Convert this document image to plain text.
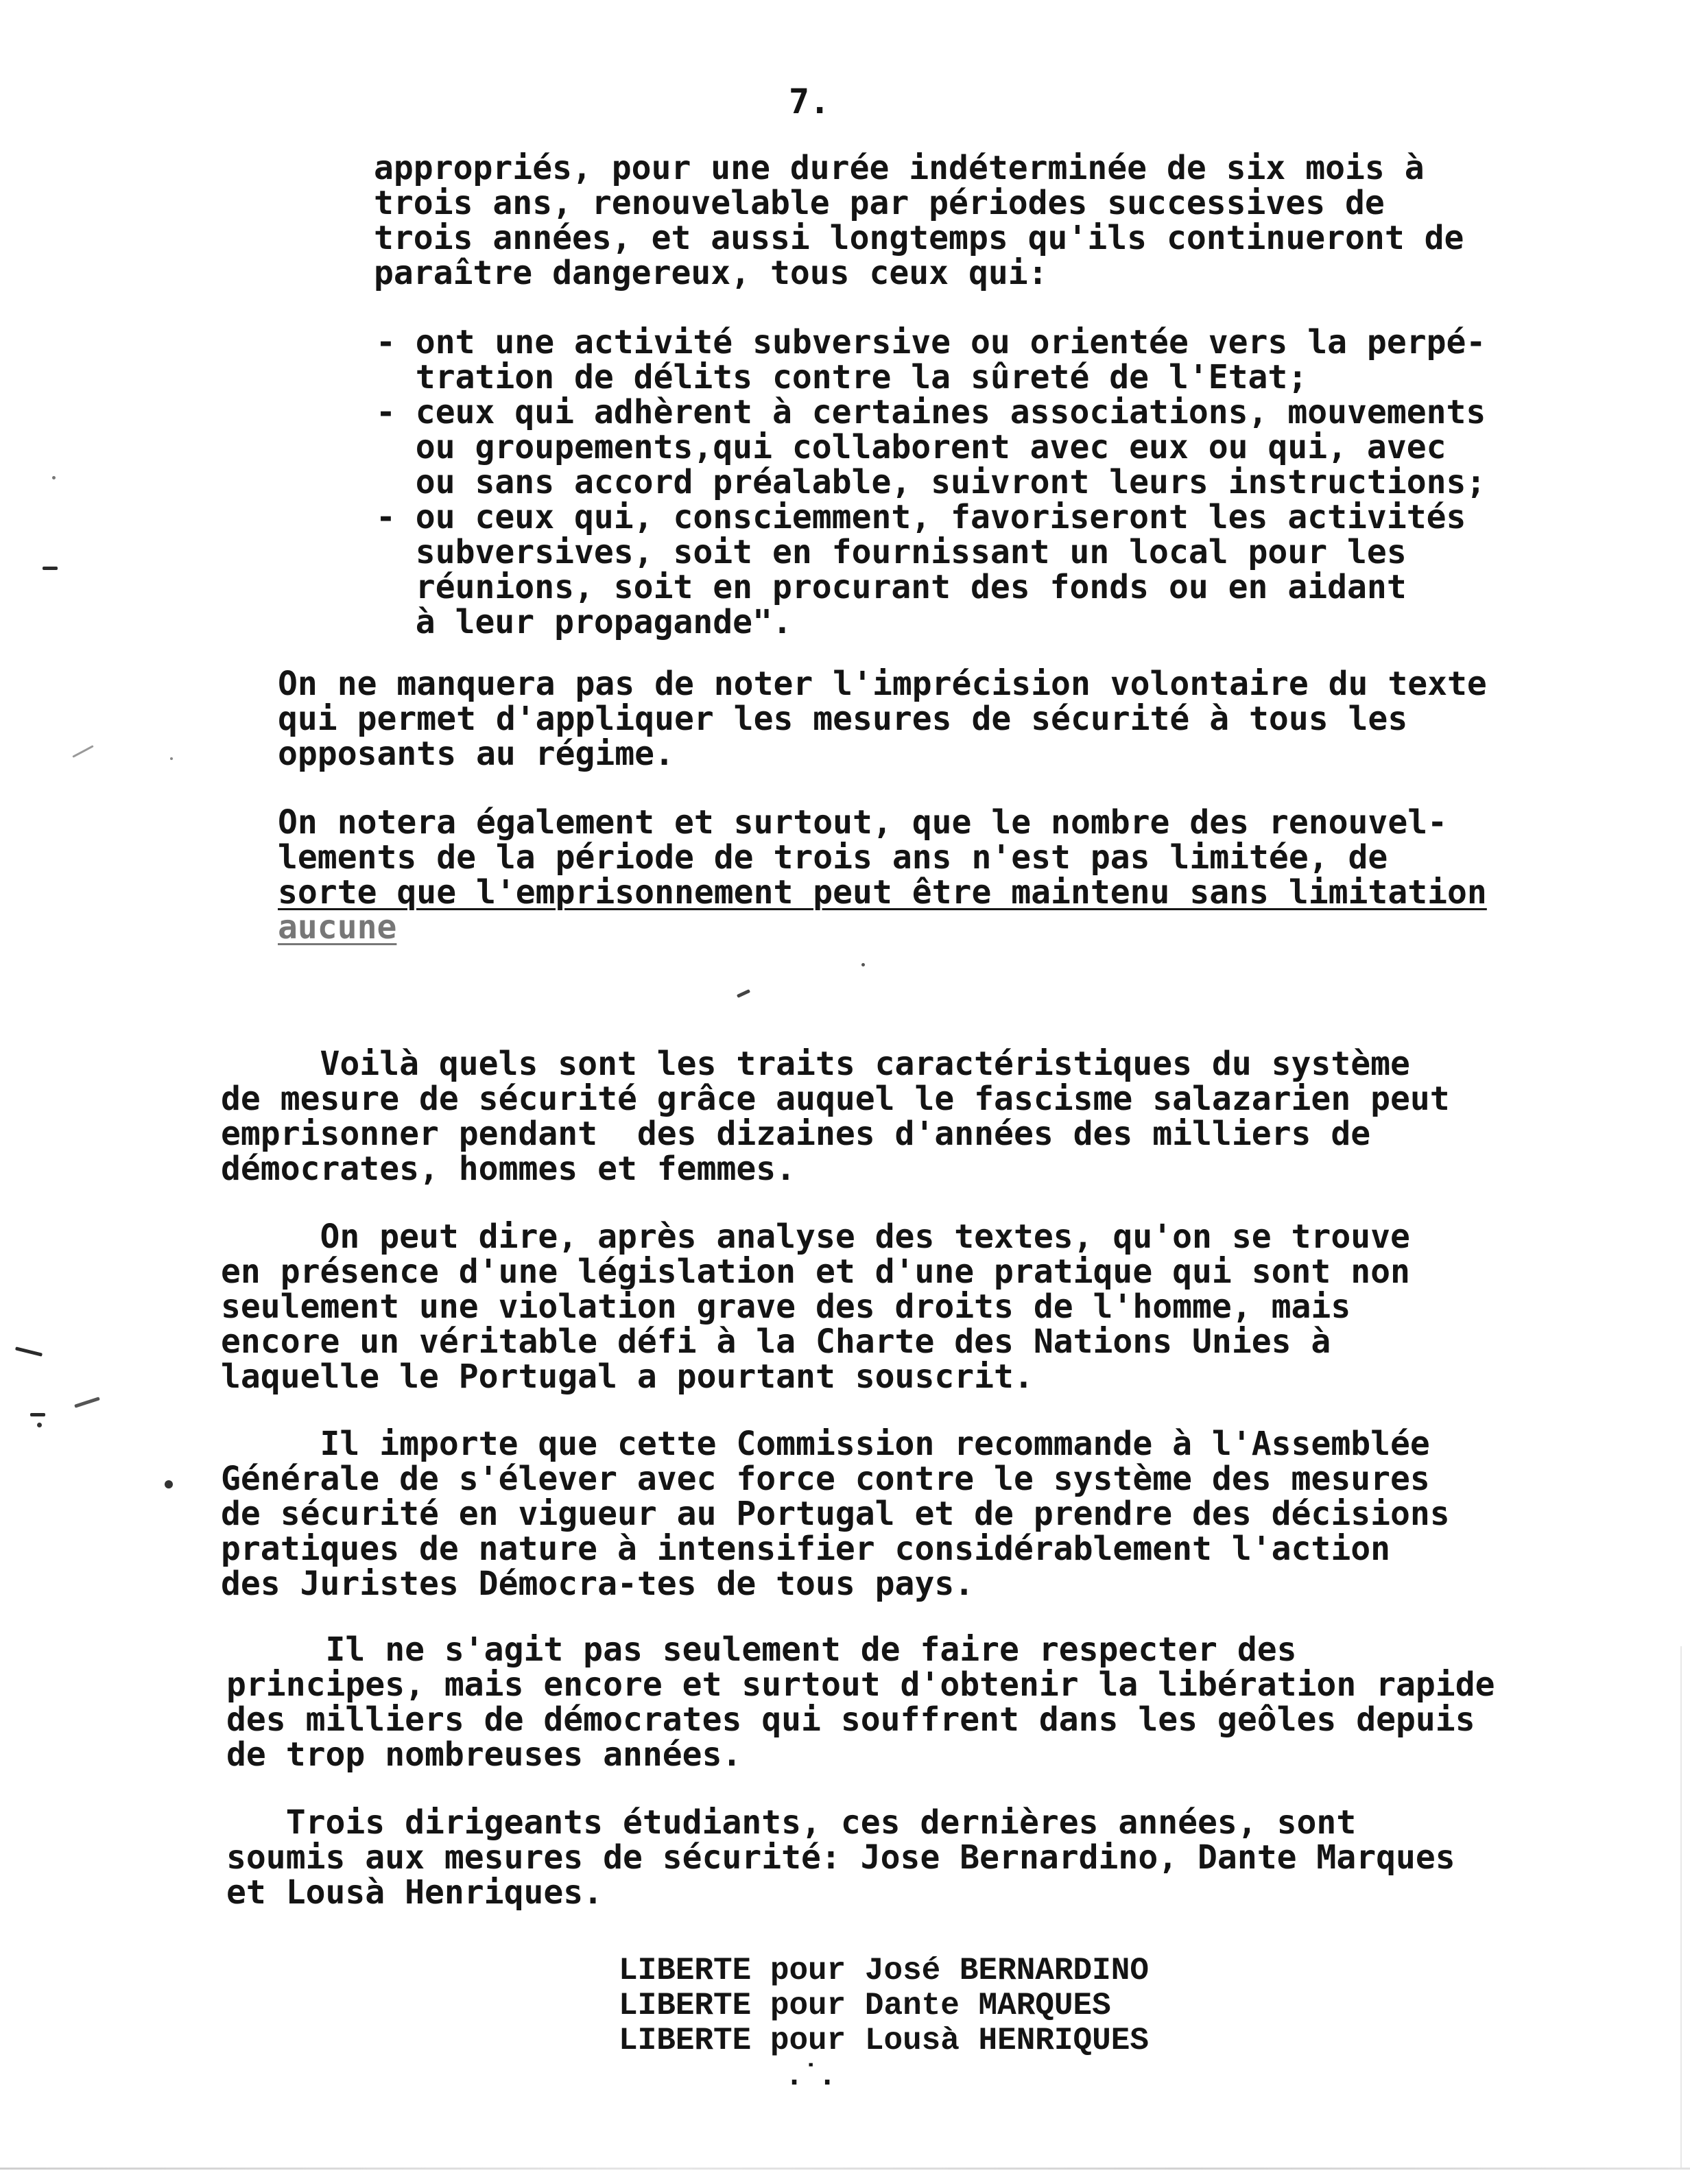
7.
appropriés, pour une durée indéterminée de six mois à
trois ans, renouvelable par périodes successives de
trois années, et aussi longtemps qu'ils continueront de
paraître dangereux, tous ceux qui:
- ont une activité subversive ou orientée vers la perpé-
tration de délits contre la sûreté de l'Etat;
- ceux qui adhèrent à certaines associations, mouvements
ou groupements,qui collaborent avec eux ou qui, avec
ou sans accord préalable, suivront leurs instructions;
- ou ceux qui, consciemment, favoriseront les activités
subversives, soit en fournissant un local pour les
réunions, soit en procurant des fonds ou en aidant
à leur propagande".
On ne manquera pas de noter l'imprécision volontaire du texte
qui permet d'appliquer les mesures de sécurité à tous les
opposants au régime.
On notera également et surtout, que le nombre des renouvel-
lements de la période de trois ans n'est pas limitée, de
sorte que l'emprisonnement peut être maintenu sans limitation
aucune
Voilà quels sont les traits caractéristiques du système
de mesure de sécurité grâce auquel le fascisme salazarien peut
emprisonner pendant  des dizaines d'années des milliers de
démocrates, hommes et femmes.
On peut dire, après analyse des textes, qu'on se trouve
en présence d'une législation et d'une pratique qui sont non
seulement une violation grave des droits de l'homme, mais
encore un véritable défi à la Charte des Nations Unies à
laquelle le Portugal a pourtant souscrit.
Il importe que cette Commission recommande à l'Assemblée
Générale de s'élever avec force contre le système des mesures
de sécurité en vigueur au Portugal et de prendre des décisions
pratiques de nature à intensifier considérablement l'action
des Juristes Démocra-tes de tous pays.
Il ne s'agit pas seulement de faire respecter des
principes, mais encore et surtout d'obtenir la libération rapide
des milliers de démocrates qui souffrent dans les geôles depuis
de trop nombreuses années.
Trois dirigeants étudiants, ces dernières années, sont
soumis aux mesures de sécurité: Jose Bernardino, Dante Marques
et Lousà Henriques.
LIBERTE pour José BERNARDINO
LIBERTE pour Dante MARQUES
LIBERTE pour Lousà HENRIQUES
.˙.
